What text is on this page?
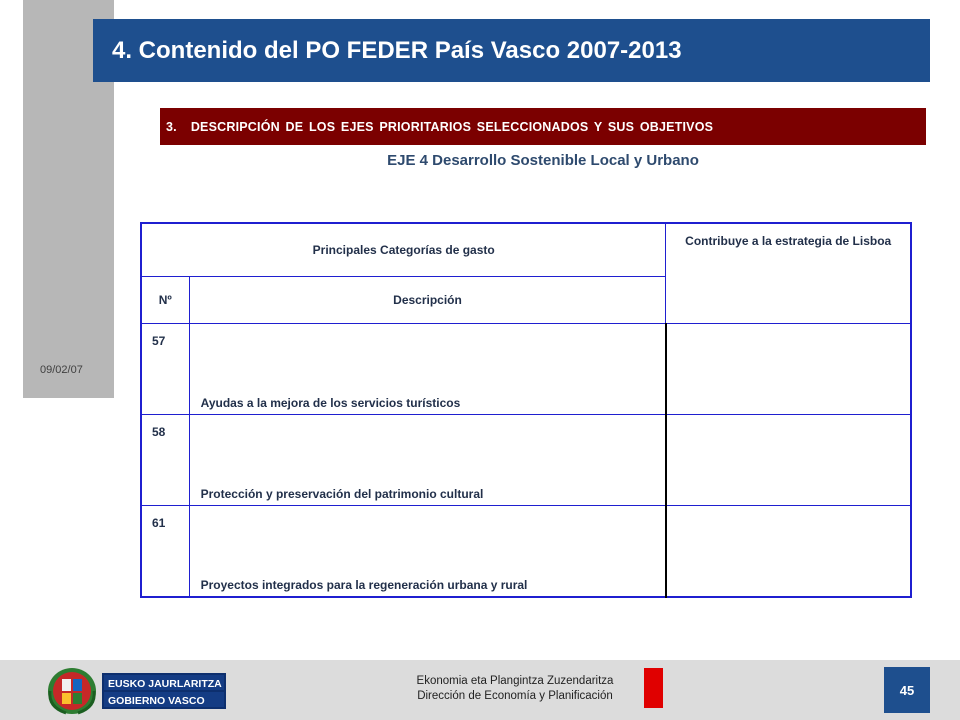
09/02/07
4. Contenido del PO FEDER País Vasco 2007-2013
3. DESCRIPCIÓN DE LOS EJES PRIORITARIOS SELECCIONADOS Y SUS OBJETIVOS
EJE 4 Desarrollo Sostenible Local y Urbano
Principales Categorías de gasto		Contribuye a la estrategia de Lisboa
Nº	Descripción	
57	Ayudas a la mejora de los servicios turísticos	

58	Protección y preservación del patrimonio cultural	

61	Proyectos integrados para la regeneración urbana y rural	

EUSKO JAURLARITZA
GOBIERNO VASCO
Ekonomia eta Plangintza Zuzendaritza
Dirección de Economía y Planificación	45
